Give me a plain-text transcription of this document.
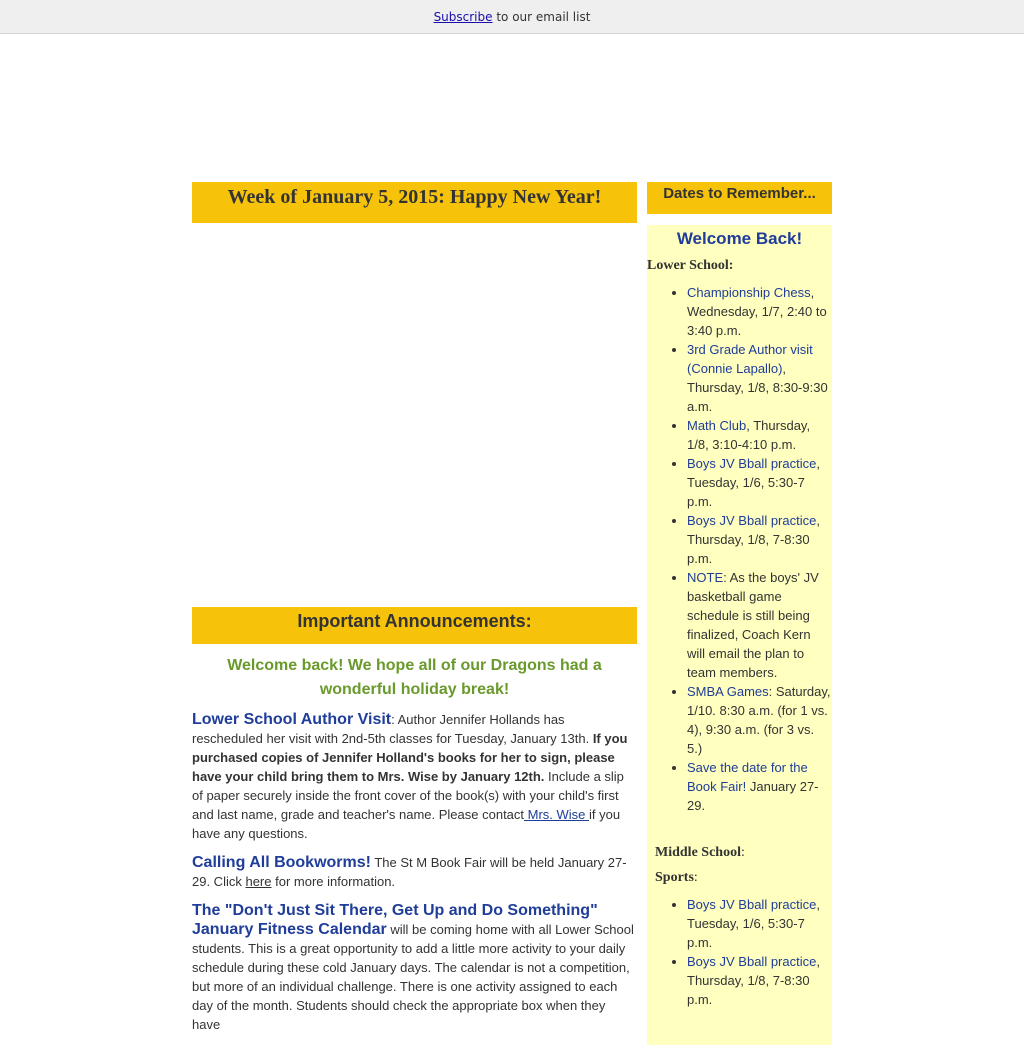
Subscribe to our email list
Week of January 5, 2015: Happy New Year!
Important Announcements:
Welcome back! We hope all of our Dragons had a wonderful holiday break!

Lower School Author Visit: Author Jennifer Hollands has rescheduled her visit with 2nd-5th classes for Tuesday, January 13th. If you purchased copies of Jennifer Holland's books for her to sign, please have your child bring them to Mrs. Wise by January 12th. Include a slip of paper securely inside the front cover of the book(s) with your child's first and last name, grade and teacher's name. Please contact Mrs. Wise if you have any questions.

Calling All Bookworms! The St M Book Fair will be held January 27-29. Click here for more information.

The "Don't Just Sit There, Get Up and Do Something" January Fitness Calendar will be coming home with all Lower School students. This is a great opportunity to add a little more activity to your daily schedule during these cold January days. The calendar is not a competition, but more of an individual challenge. There is one activity assigned to each day of the month. Students should check the appropriate box when they have

Dates to Remember...
Welcome Back!
Lower School:
• Championship Chess, Wednesday, 1/7, 2:40 to 3:40 p.m.
• 3rd Grade Author visit (Connie Lapallo), Thursday, 1/8, 8:30-9:30 a.m.
• Math Club, Thursday, 1/8, 3:10-4:10 p.m.
• Boys JV Bball practice, Tuesday, 1/6, 5:30-7 p.m.
• Boys JV Bball practice, Thursday, 1/8, 7-8:30 p.m.
• NOTE: As the boys' JV basketball game schedule is still being finalized, Coach Kern will email the plan to team members.
• SMBA Games: Saturday, 1/10. 8:30 a.m. (for 1 vs. 4), 9:30 a.m. (for 3 vs. 5.)
• Save the date for the Book Fair! January 27-29.
Middle School:
Sports:
• Boys JV Bball practice, Tuesday, 1/6, 5:30-7 p.m.
• Boys JV Bball practice, Thursday, 1/8, 7-8:30 p.m.
